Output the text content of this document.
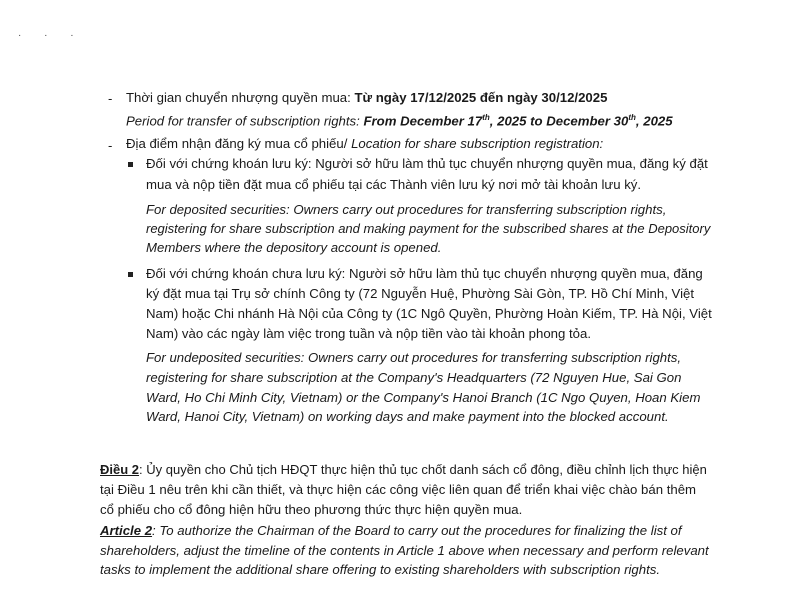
· · ·
- Thời gian chuyển nhượng quyền mua: Từ ngày 17/12/2025 đến ngày 30/12/2025
Period for transfer of subscription rights: From December 17th, 2025 to December 30th, 2025
- Địa điểm nhận đăng ký mua cổ phiếu/ Location for share subscription registration:
Đối với chứng khoán lưu ký: Người sở hữu làm thủ tục chuyển nhượng quyền mua, đăng ký đặt
mua và nộp tiền đặt mua cổ phiếu tại các Thành viên lưu ký nơi mở tài khoản lưu ký.
For deposited securities: Owners carry out procedures for transferring subscription rights,
registering for share subscription and making payment for the subscribed shares at the Depository
Members where the depository account is opened.
Đối với chứng khoán chưa lưu ký: Người sở hữu làm thủ tục chuyển nhượng quyền mua, đăng
ký đặt mua tại Trụ sở chính Công ty (72 Nguyễn Huệ, Phường Sài Gòn, TP. Hồ Chí Minh, Việt
Nam) hoặc Chi nhánh Hà Nội của Công ty (1C Ngô Quyền, Phường Hoàn Kiếm, TP. Hà Nội, Việt
Nam) vào các ngày làm việc trong tuần và nộp tiền vào tài khoản phong tỏa.
For undeposited securities: Owners carry out procedures for transferring subscription rights,
registering for share subscription at the Company's Headquarters (72 Nguyen Hue, Sai Gon
Ward, Ho Chi Minh City, Vietnam) or the Company's Hanoi Branch (1C Ngo Quyen, Hoan Kiem
Ward, Hanoi City, Vietnam) on working days and make payment into the blocked account.
Điều 2: Ủy quyền cho Chủ tịch HĐQT thực hiện thủ tục chốt danh sách cổ đông, điều chỉnh lịch thực hiện
tại Điều 1 nêu trên khi cần thiết, và thực hiện các công việc liên quan để triển khai việc chào bán thêm
cổ phiếu cho cổ đông hiện hữu theo phương thức thực hiện quyền mua.
Article 2: To authorize the Chairman of the Board to carry out the procedures for finalizing the list of
shareholders, adjust the timeline of the contents in Article 1 above when necessary and perform relevant
tasks to implement the additional share offering to existing shareholders with subscription rights.
